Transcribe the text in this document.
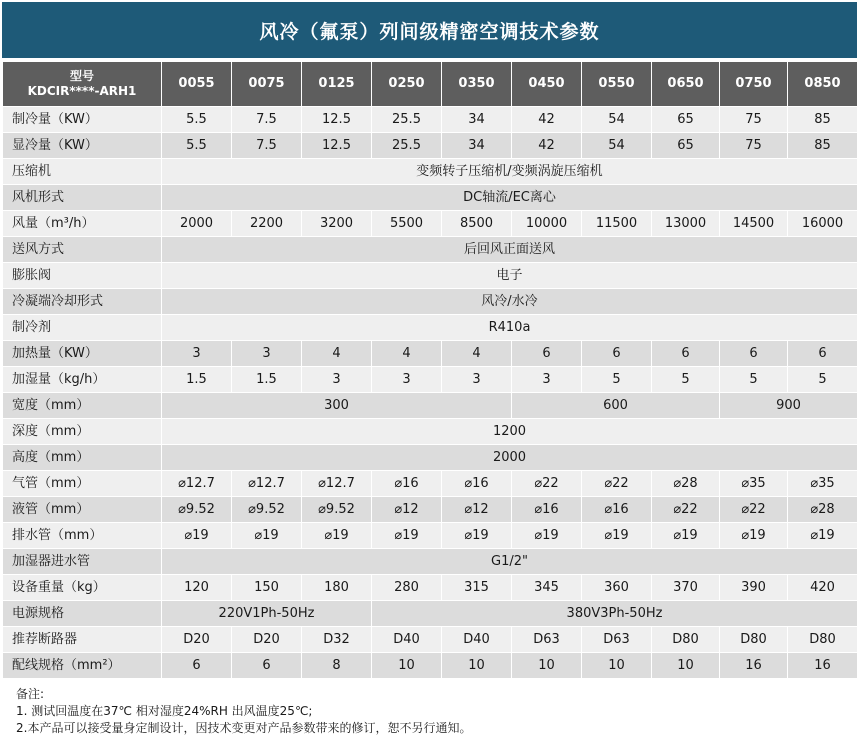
风冷（氟泵）列间级精密空调技术参数
型号
KDCIR****-ARH1	0055	0075	0125	0250	0350	0450	0550	0650	0750	0850
制冷量（KW）	5.5	7.5	12.5	25.5	34	42	54	65	75	85
显冷量（KW）	5.5	7.5	12.5	25.5	34	42	54	65	75	85
压缩机	变频转子压缩机/变频涡旋压缩机									
风机形式	DC轴流/EC离心									
风量（m³/h）	2000	2200	3200	5500	8500	10000	11500	13000	14500	16000
送风方式	后回风正面送风									
膨胀阀	电子									
冷凝端冷却形式	风冷/水冷									
制冷剂	R410a									
加热量（KW）	3	3	4	4	4	6	6	6	6	6
加湿量（kg/h）	1.5	1.5	3	3	3	3	5	5	5	5
宽度（mm）	300					600			900	
深度（mm）	1200									
高度（mm）	2000									
气管（mm）	⌀12.7	⌀12.7	⌀12.7	⌀16	⌀16	⌀22	⌀22	⌀28	⌀35	⌀35
液管（mm）	⌀9.52	⌀9.52	⌀9.52	⌀12	⌀12	⌀16	⌀16	⌀22	⌀22	⌀28
排水管（mm）	⌀19	⌀19	⌀19	⌀19	⌀19	⌀19	⌀19	⌀19	⌀19	⌀19
加湿器进水管	G1/2"									
设备重量（kg）	120	150	180	280	315	345	360	370	390	420
电源规格	220V1Ph-50Hz			380V3Ph-50Hz						
推荐断路器	D20	D20	D32	D40	D40	D63	D63	D80	D80	D80
配线规格（mm²）	6	6	8	10	10	10	10	10	16	16
备注:
1. 测试回温度在37℃ 相对湿度24%RH 出风温度25℃;
2.本产品可以接受量身定制设计，因技术变更对产品参数带来的修订，恕不另行通知。
